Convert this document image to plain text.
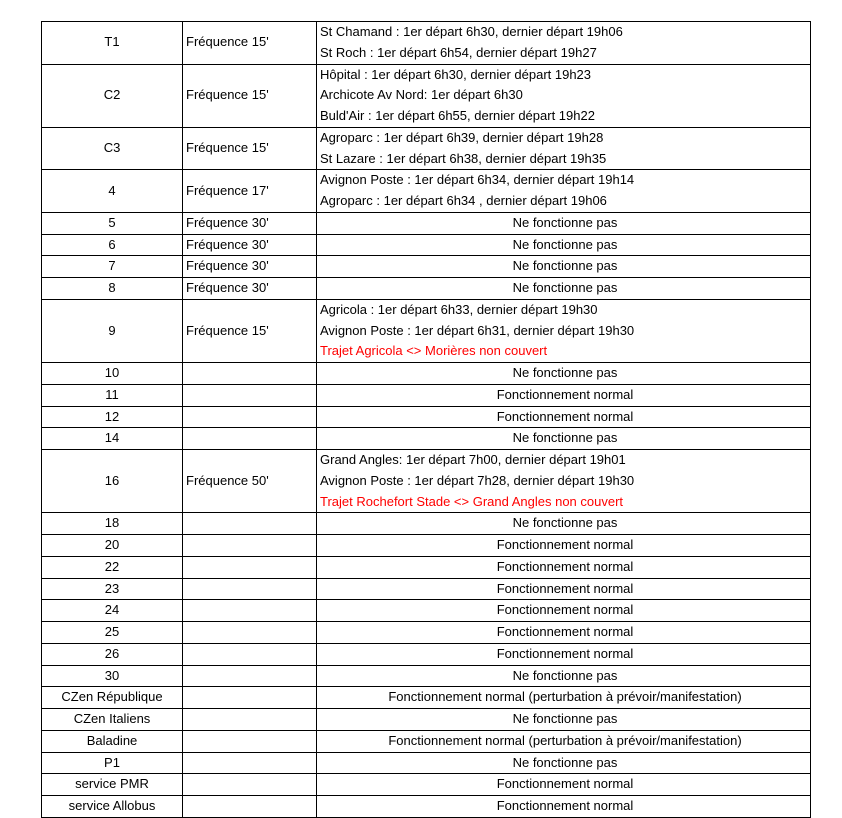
T1	Fréquence 15'	St Chamand : 1er départ 6h30, dernier départ 19h06
St Roch : 1er départ 6h54, dernier départ 19h27

C2	Fréquence 15'	Hôpital : 1er départ 6h30, dernier départ 19h23
Archicote Av Nord: 1er départ 6h30
Buld'Air : 1er départ 6h55, dernier départ 19h22

C3	Fréquence 15'	Agroparc : 1er départ 6h39, dernier départ 19h28
St Lazare : 1er départ 6h38, dernier départ 19h35

4	Fréquence 17'	Avignon Poste : 1er départ 6h34, dernier départ 19h14
Agroparc : 1er départ 6h34 , dernier départ 19h06

5	Fréquence 30'	Ne fonctionne pas
6	Fréquence 30'	Ne fonctionne pas
7	Fréquence 30'	Ne fonctionne pas
8	Fréquence 30'	Ne fonctionne pas
9	Fréquence 15'	Agricola : 1er départ 6h33, dernier départ 19h30
Avignon Poste : 1er départ 6h31, dernier départ 19h30
Trajet Agricola <> Morières non couvert

10		Ne fonctionne pas
11		Fonctionnement normal
12		Fonctionnement normal
14		Ne fonctionne pas
16	Fréquence 50'	Grand Angles: 1er départ 7h00, dernier départ 19h01
Avignon Poste : 1er départ 7h28, dernier départ 19h30
Trajet Rochefort Stade <> Grand Angles non couvert

18		Ne fonctionne pas
20		Fonctionnement normal
22		Fonctionnement normal
23		Fonctionnement normal
24		Fonctionnement normal
25		Fonctionnement normal
26		Fonctionnement normal
30		Ne fonctionne pas
CZen République		Fonctionnement normal (perturbation à prévoir/manifestation)
CZen Italiens		Ne fonctionne pas
Baladine		Fonctionnement normal (perturbation à prévoir/manifestation)
P1		Ne fonctionne pas
service PMR		Fonctionnement normal
service Allobus		Fonctionnement normal
